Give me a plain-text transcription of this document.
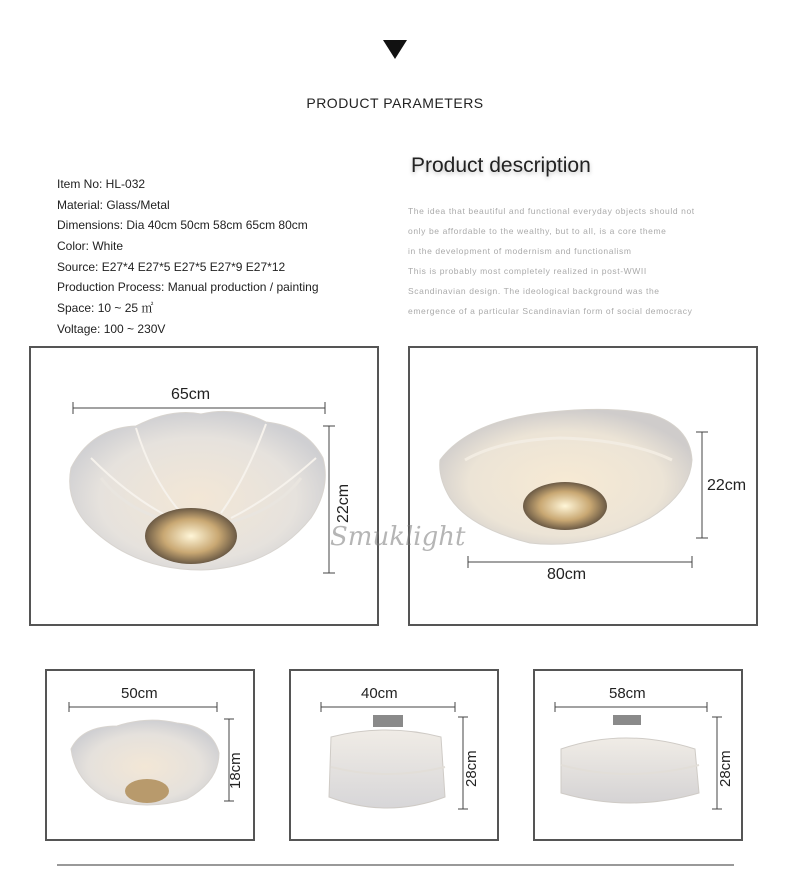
PRODUCT PARAMETERS
Item No: HL-032
Material: Glass/Metal
Dimensions: Dia 40cm 50cm 58cm 65cm 80cm
Color: White
Source: E27*4 E27*5 E27*5 E27*9 E27*12
Production Process: Manual production / painting
Space: 10 ~ 25 ㎡
Voltage: 100 ~ 230V
Product description
The idea that beautiful and functional everyday objects should not
only be affordable to the wealthy, but to all, is a core theme
in the development of modernism and functionalism
This is probably most completely realized in post-WWII
Scandinavian design. The ideological background was the
emergence of a particular Scandinavian form of social democracy
65cm
22cm	22cm
80cm
Smuklight
50cm
18cm
40cm
28cm
58cm
28cm
